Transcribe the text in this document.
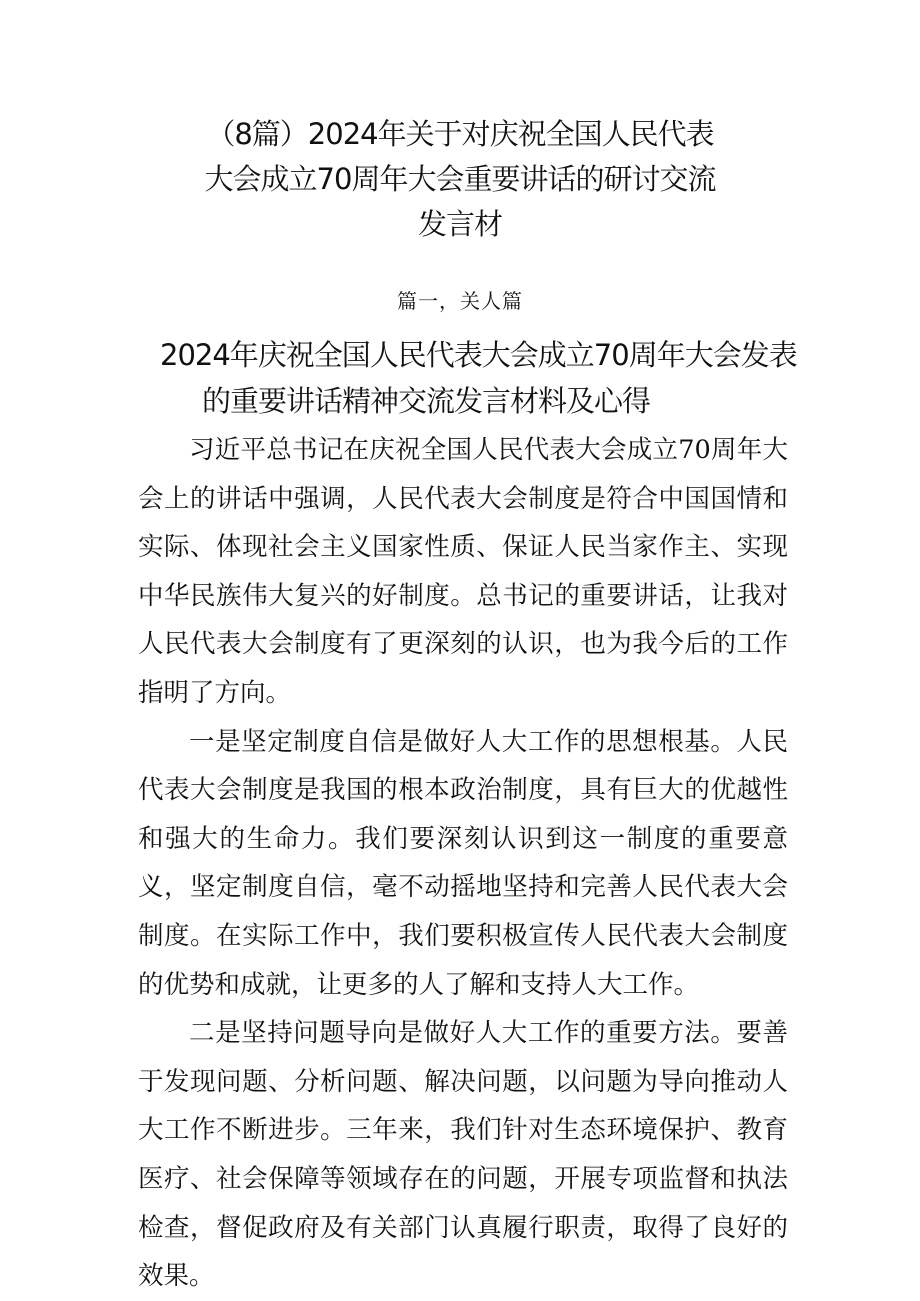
（8篇）2024年关于对庆祝全国人民代表
大会成立70周年大会重要讲话的研讨交流
发言材
篇一，关人篇
2024年庆祝全国人民代表大会成立70周年大会发表
的重要讲话精神交流发言材料及心得

习近平总书记在庆祝全国人民代表大会成立70周年大会上的讲话中强调，人民代表大会制度是符合中国国情和实际、体现社会主义国家性质、保证人民当家作主、实现中华民族伟大复兴的好制度。总书记的重要讲话，让我对人民代表大会制度有了更深刻的认识，也为我今后的工作指明了方向。

一是坚定制度自信是做好人大工作的思想根基。人民代表大会制度是我国的根本政治制度，具有巨大的优越性和强大的生命力。我们要深刻认识到这一制度的重要意义，坚定制度自信，毫不动摇地坚持和完善人民代表大会制度。在实际工作中，我们要积极宣传人民代表大会制度的优势和成就，让更多的人了解和支持人大工作。

二是坚持问题导向是做好人大工作的重要方法。要善于发现问题、分析问题、解决问题，以问题为导向推动人大工作不断进步。三年来，我们针对生态环境保护、教育医疗、社会保障等领域存在的问题，开展专项监督和执法检查，督促政府及有关部门认真履行职责，取得了良好的效果。
